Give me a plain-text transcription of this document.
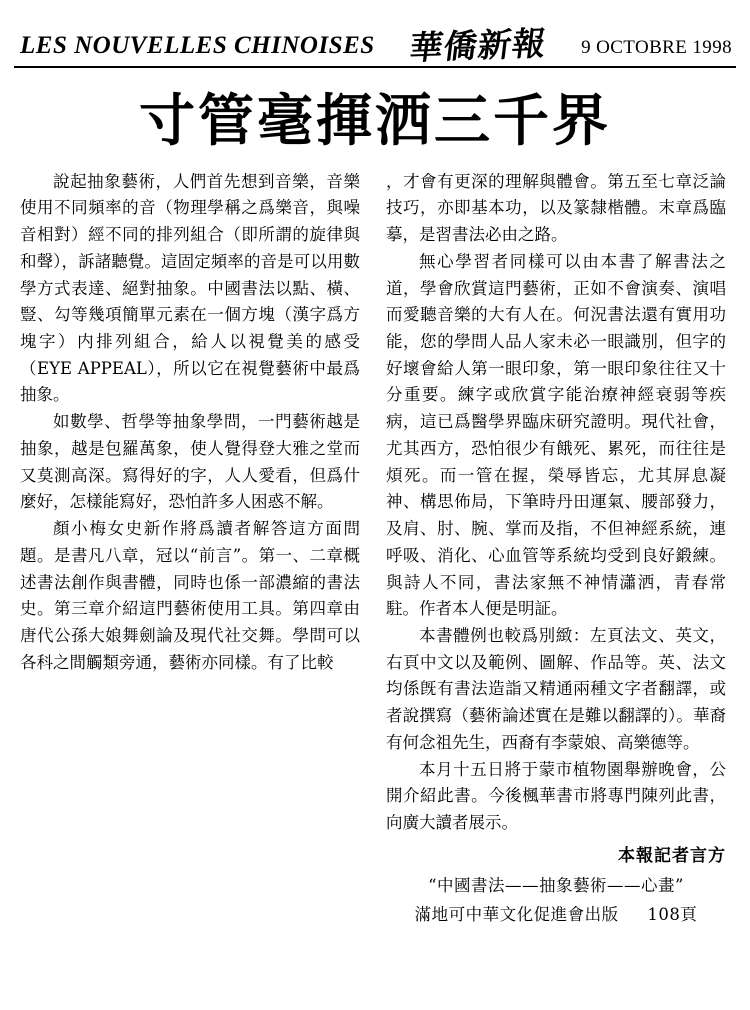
LES NOUVELLES CHINOISES 華僑新報 9 OCTOBRE 1998
寸管毫揮洒三千界

說起抽象藝術，人們首先想到音樂，音樂使用不同頻率的音（物理學稱之爲樂音，與噪音相對）經不同的排列組合（即所謂的旋律與和聲），訴諸聽覺。這固定頻率的音是可以用數學方式表達、絕對抽象。中國書法以點、橫、豎、勾等幾項簡單元素在一個方塊（漢字爲方塊字）内排列組合，給人以視覺美的感受（EYE APPEAL），所以它在視覺藝術中最爲抽象。

如數學、哲學等抽象學問，一門藝術越是抽象，越是包羅萬象，使人覺得登大雅之堂而又莫測高深。寫得好的字，人人愛看，但爲什麼好，怎樣能寫好，恐怕許多人困惑不解。

顏小梅女史新作將爲讀者解答這方面問題。是書凡八章，冠以“前言”。第一、二章概述書法創作與書體，同時也係一部濃縮的書法史。第三章介紹這門藝術使用工具。第四章由唐代公孫大娘舞劍論及現代社交舞。學問可以各科之間觸類旁通，藝術亦同樣。有了比較

，才會有更深的理解與體會。第五至七章泛論技巧，亦即基本功，以及篆隸楷體。末章爲臨摹，是習書法必由之路。

無心學習者同樣可以由本書了解書法之道，學會欣賞這門藝術，正如不會演奏、演唱而愛聽音樂的大有人在。何況書法還有實用功能，您的學問人品人家未必一眼識別，但字的好壞會給人第一眼印象，第一眼印象往往又十分重要。練字或欣賞字能治療神經衰弱等疾病，這已爲醫學界臨床研究證明。現代社會，尤其西方，恐怕很少有餓死、累死，而往往是煩死。而一管在握，榮辱皆忘，尤其屏息凝神、構思佈局，下筆時丹田運氣、腰部發力，及肩、肘、腕、掌而及指，不但神經系統，連呼吸、消化、心血管等系統均受到良好鍛練。與詩人不同，書法家無不神情瀟洒，青春常駐。作者本人便是明証。

本書體例也較爲別緻：左頁法文、英文，右頁中文以及範例、圖解、作品等。英、法文均係旣有書法造詣又精通兩種文字者翻譯，或者說撰寫（藝術論述實在是難以翻譯的）。華裔有何念祖先生，西裔有李蒙娘、高樂德等。

本月十五日將于蒙市植物園舉辦晚會，公開介紹此書。今後楓華書市將專門陳列此書，向廣大讀者展示。

本報記者言方
“中國書法——抽象藝術——心畫”
滿地可中華文化促進會出版 108頁
